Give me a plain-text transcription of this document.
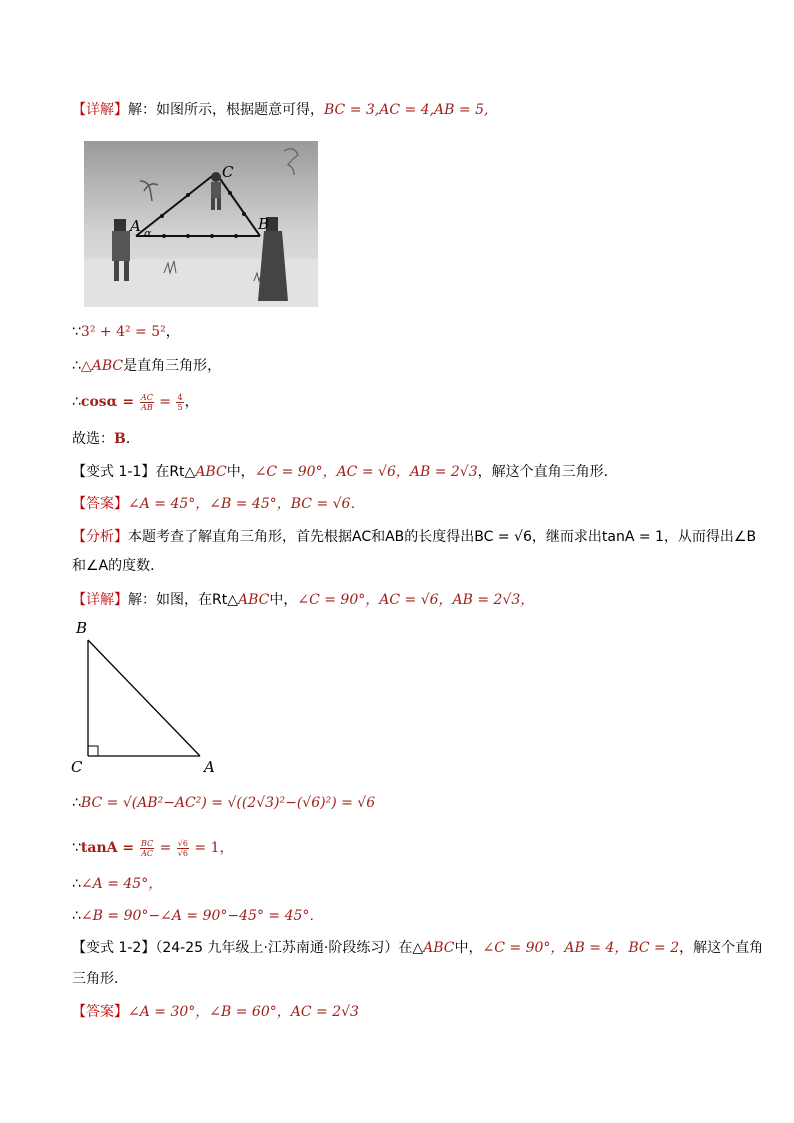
【详解】解：如图所示，根据题意可得，BC = 3,AC = 4,AB = 5,
A α
B
C
∵3² + 4² = 5²，
∴△ABC是直角三角形，
∴cosα = $\frac{AC}{AB} = \frac{4}{5}$ ，
故选：B．
【变式 1-1】在Rt△ABC中，∠C = 90°，AC = √6，AB = 2√3，解这个直角三角形．
【答案】∠A = 45°，∠B = 45°，BC = √6．
【分析】本题考查了解直角三角形，首先根据AC和AB的长度得出BC = √6，继而求出tanA = 1，从而得出∠B
和∠A的度数．
【详解】解：如图，在Rt△ABC中，∠C = 90°，AC = √6，AB = 2√3，
B
C	A
∴BC = √(AB²−AC²) = √((2√3)²−(√6)²) = √6
∵tanA = $\frac{BC}{AC} = \frac{√6}{√6} = 1$，
∴∠A = 45°，
∴∠B = 90°−∠A = 90°−45° = 45°．
【变式 1-2】（24-25 九年级上·江苏南通·阶段练习）在△ABC中，∠C = 90°，AB = 4，BC = 2，解这个直角
三角形．
【答案】∠A = 30°，∠B = 60°，AC = 2√3
